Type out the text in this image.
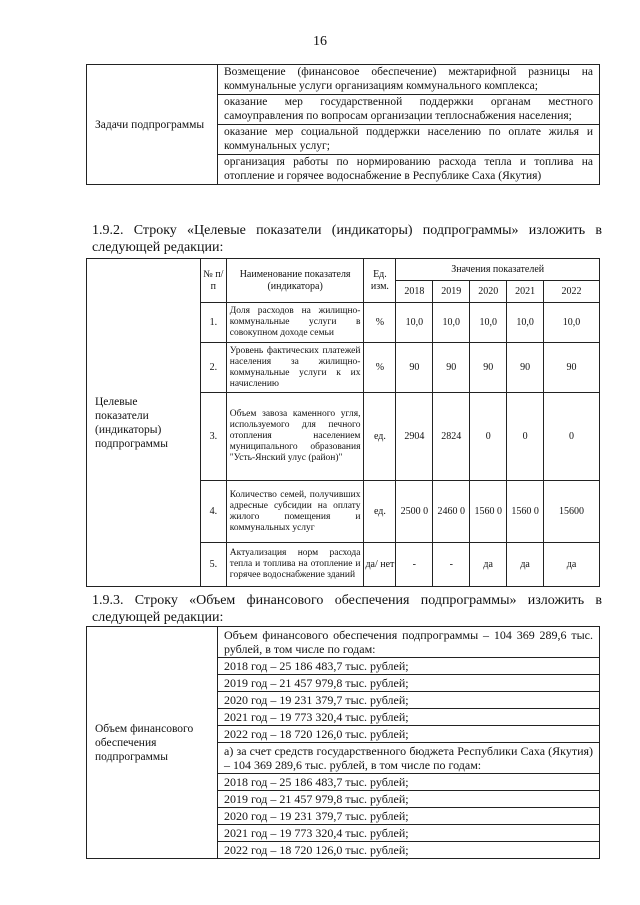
16
Задачи подпрограммы	
Возмещение (финансовое обеспечение) межтарифной разницы на коммунальные услуги организациям коммунального комплекса;
оказание мер государственной поддержки органам местного самоуправления по вопросам организации теплоснабжения населения;
оказание мер социальной поддержки населению по оплате жилья и коммунальных услуг;
организация работы по нормированию расхода тепла и топлива на отопление и горячее водоснабжение в Республике Саха (Якутия)
1.9.2. Строку «Целевые показатели (индикаторы) подпрограммы» изложить в следующей редакции:
Целевые показатели (индикаторы) подпрограммы	№ п/п	Наименование показателя (индикатора)	Ед. изм.	Значения показателей				
				2018	2019	2020	2021	2022
	1.	Доля расходов на жилищно-коммунальные услуги в совокупном доходе семьи	%	10,0	10,0	10,0	10,0	10,0
	2.	Уровень фактических платежей населения за жилищно-коммунальные услуги к их начислению	%	90	90	90	90	90
	3.	Объем завоза каменного угля, используемого для печного отопления населением муниципального образования "Усть-Янский улус (район)"	ед.	2904	2824	0	0	0
	4.	Количество семей, получивших адресные субсидии на оплату жилого помещения и коммунальных услуг	ед.	2500 0	2460 0	1560 0	1560 0	15600
	5.	Актуализация норм расхода тепла и топлива на отопление и горячее водоснабжение зданий	да/ нет	-	-	да	да	да
1.9.3. Строку «Объем финансового обеспечения подпрограммы» изложить в следующей редакции:
Объем финансового обеспечения подпрограммы	
Объем финансового обеспечения подпрограммы – 104 369 289,6 тыс. рублей, в том числе по годам:
2018 год – 25 186 483,7 тыс. рублей;
2019 год – 21 457 979,8 тыс. рублей;
2020 год – 19 231 379,7 тыс. рублей;
2021 год – 19 773 320,4 тыс. рублей;
2022 год – 18 720 126,0 тыс. рублей;
а) за счет средств государственного бюджета Республики Саха (Якутия) – 104 369 289,6 тыс. рублей, в том числе по годам:
2018 год – 25 186 483,7 тыс. рублей;
2019 год – 21 457 979,8 тыс. рублей;
2020 год – 19 231 379,7 тыс. рублей;
2021 год – 19 773 320,4 тыс. рублей;
2022 год – 18 720 126,0 тыс. рублей;
